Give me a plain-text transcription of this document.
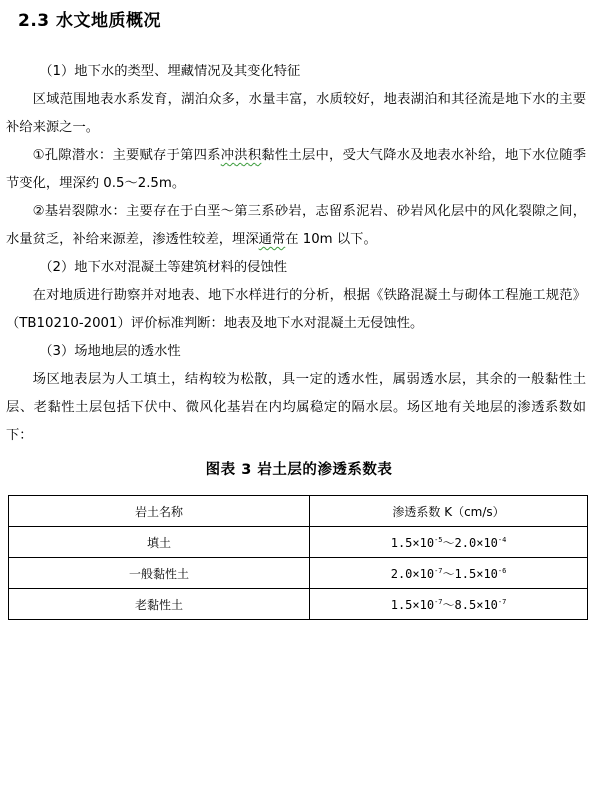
2.3 水文地质概况

（1）地下水的类型、埋藏情况及其变化特征

区域范围地表水系发育，湖泊众多，水量丰富，水质较好，地表湖泊和其径流是地下水的主要补给来源之一。

①孔隙潜水：主要赋存于第四系冲洪积黏性土层中，受大气降水及地表水补给，地下水位随季节变化，埋深约 0.5～2.5m。

②基岩裂隙水：主要存在于白垩～第三系砂岩，志留系泥岩、砂岩风化层中的风化裂隙之间，水量贫乏，补给来源差，渗透性较差，埋深通常在 10m 以下。

（2）地下水对混凝土等建筑材料的侵蚀性

在对地质进行勘察并对地表、地下水样进行的分析，根据《铁路混凝土与砌体工程施工规范》（TB10210-2001）评价标准判断：地表及地下水对混凝土无侵蚀性。

（3）场地地层的透水性

场区地表层为人工填土，结构较为松散，具一定的透水性，属弱透水层，其余的一般黏性土层、老黏性土层包括下伏中、微风化基岩在内均属稳定的隔水层。场区地有关地层的渗透系数如下：

图表 3 岩土层的渗透系数表
岩土名称	渗透系数 K（cm/s）
填土	$1.5\times 10^{-5}\sim 2.0\times 10^{-4}$
一般黏性土	$2.0\times 10^{-7}\sim 1.5\times 10^{-6}$
老黏性土	$1.5\times 10^{-7}\sim 8.5\times 10^{-7}$
